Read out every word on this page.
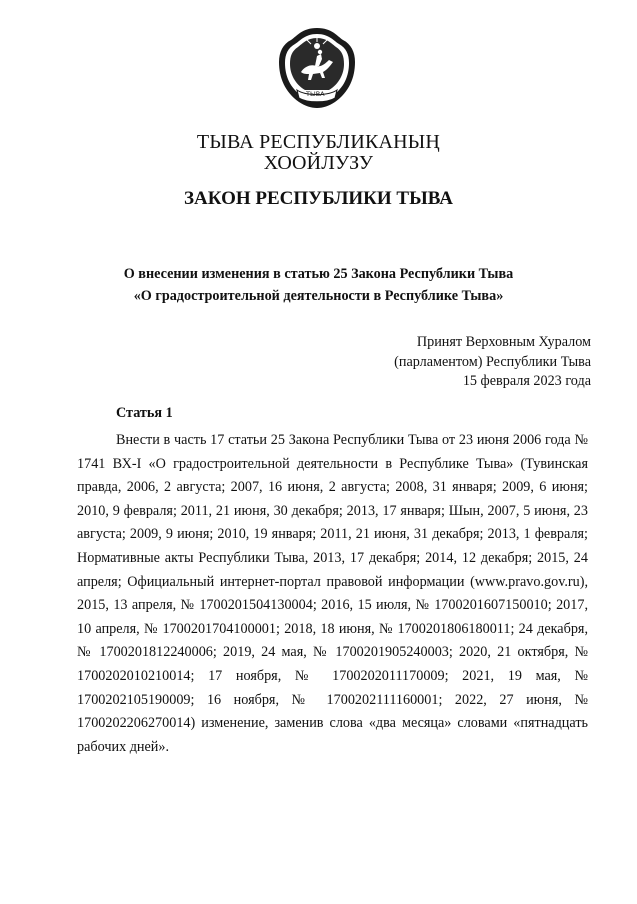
ТЫВА
ТЫВА РЕСПУБЛИКАНЫҢ
ХООЙЛУЗУ
ЗАКОН РЕСПУБЛИКИ ТЫВА
О внесении изменения в статью 25 Закона Республики Тыва
«О градостроительной деятельности в Республике Тыва»
Принят Верховным Хуралом
(парламентом) Республики Тыва
15 февраля 2023 года
Статья 1

Внести в часть 17 статьи 25 Закона Республики Тыва от 23 июня 2006 года № 1741 ВХ-I «О градостроительной деятельности в Республике Тыва» (Тувинская правда, 2006, 2 августа; 2007, 16 июня, 2 августа; 2008, 31 января; 2009, 6 июня; 2010, 9 февраля; 2011, 21 июня, 30 декабря; 2013, 17 января; Шын, 2007, 5 июня, 23 августа; 2009, 9 июня; 2010, 19 января; 2011, 21 июня, 31 декабря; 2013, 1 февраля; Нормативные акты Республики Тыва, 2013, 17 декабря; 2014, 12 декабря; 2015, 24 апреля; Официальный интернет-портал правовой информации (www.pravo.gov.ru), 2015, 13 апреля, № 1700201504130004; 2016, 15 июля, № 1700201607150010; 2017, 10 апреля, № 1700201704100001; 2018, 18 июня, № 1700201806180011; 24 декабря, № 1700201812240006; 2019, 24 мая, № 1700201905240003; 2020, 21 октября, № 1700202010210014; 17 ноября, № 1700202011170009; 2021, 19 мая, № 1700202105190009; 16 ноября, № 1700202111160001; 2022, 27 июня, № 1700202206270014) изменение, заменив слова «два месяца» словами «пятнадцать рабочих дней».
